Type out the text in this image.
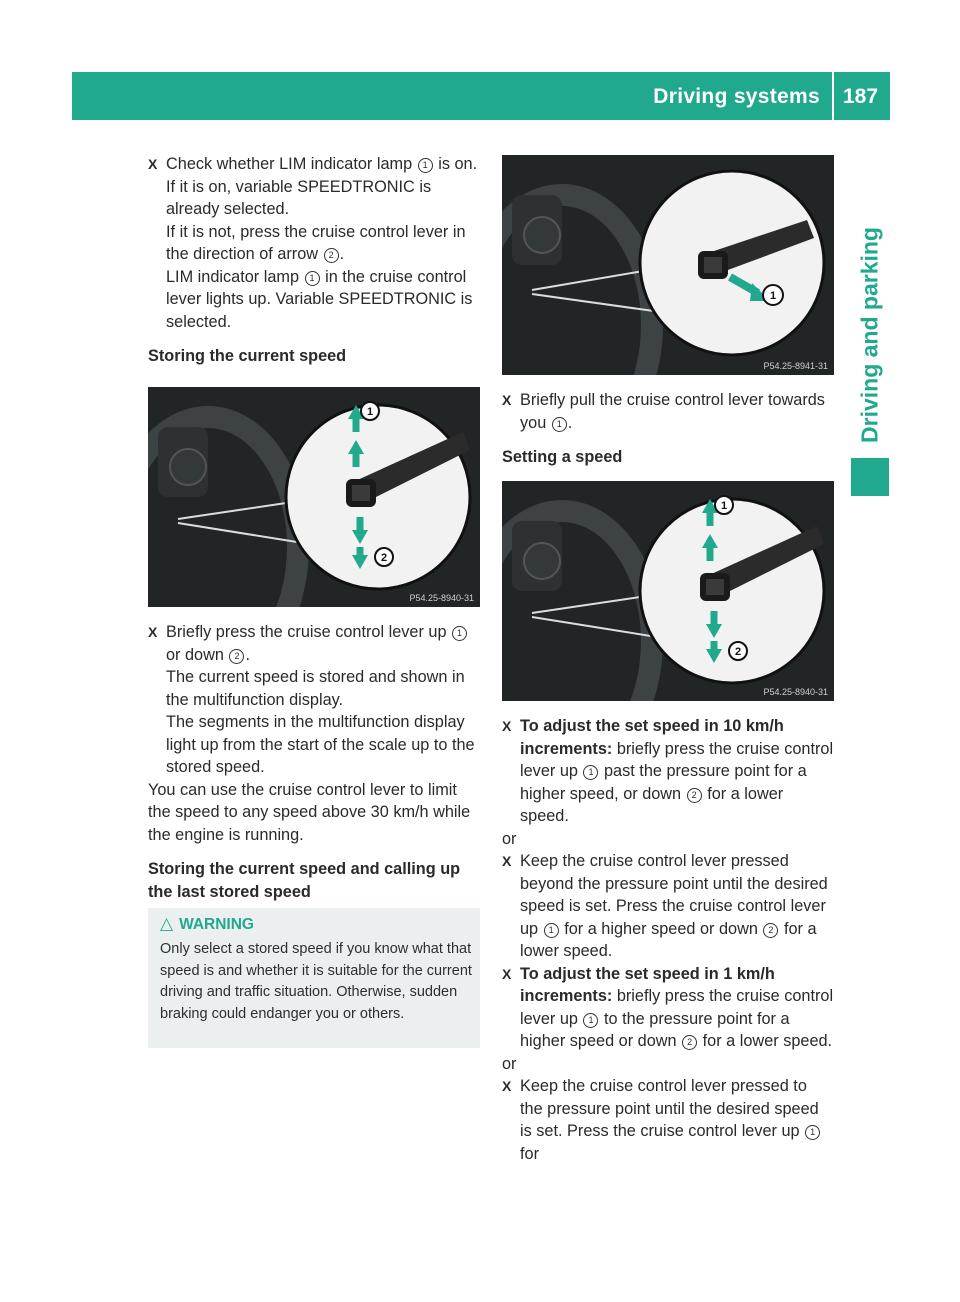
Driving systems 187
Driving and parking

X Check whether LIM indicator lamp 1 is on.

If it is on, variable SPEEDTRONIC is already selected.

If it is not, press the cruise control lever in the direction of arrow 2 .

LIM indicator lamp 1 in the cruise control lever lights up. Variable SPEEDTRONIC is selected.

Storing the current speed

1
2
P54.25-8940-31

X Briefly press the cruise control lever up 1 or down 2 .

The current speed is stored and shown in the multifunction display.

The segments in the multifunction display light up from the start of the scale up to the stored speed.

You can use the cruise control lever to limit the speed to any speed above 30 km/h while the engine is running.

Storing the current speed and calling up the last stored speed

△ WARNING
Only select a stored speed if you know what that speed is and whether it is suitable for the current driving and traffic situation. Otherwise, sudden braking could endanger you or others.
1
P54.25-8941-31

X Briefly pull the cruise control lever towards you 1 .

Setting a speed

1
2
P54.25-8940-31

X To adjust the set speed in 10 km/h increments: briefly press the cruise control lever up 1 past the pressure point for a higher speed, or down 2 for a lower speed.

or

X Keep the cruise control lever pressed beyond the pressure point until the desired speed is set. Press the cruise control lever up 1 for a higher speed or down 2 for a lower speed.

X To adjust the set speed in 1 km/h increments: briefly press the cruise control lever up 1 to the pressure point for a higher speed or down 2 for a lower speed.

or

X Keep the cruise control lever pressed to the pressure point until the desired speed is set. Press the cruise control lever up 1 for
